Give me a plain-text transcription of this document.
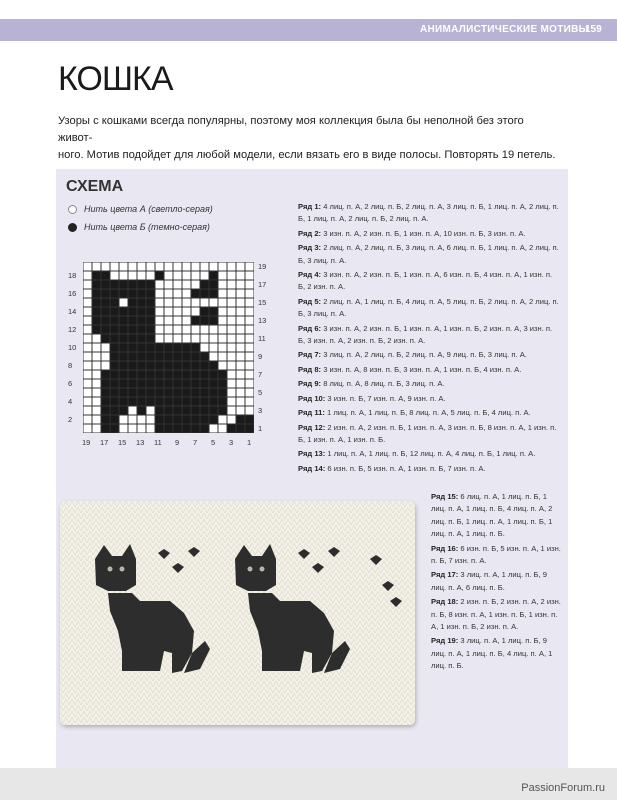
АНИМАЛИСТИЧЕСКИЕ МОТИВЫ
159
КОШКА
Узоры с кошками всегда популярны, поэтому моя коллекция была бы неполной без этого живот-
ного. Мотив подойдет для любой модели, если вязать его в виде полосы. Повторять 19 петель.
СХЕМА
Нить цвета А (светло-серая)
Нить цвета Б (темно-серая)
18
16
14
12
10
8
6
4
2
19
17
15
13
11
9
7
5
3
1
19 17 15 13 11 9 7 5 3 1
Ряд 1: 4 лиц. п. А, 2 лиц. п. Б, 2 лиц. п. А, 3 лиц. п. Б, 1 лиц. п. А, 2 лиц. п. Б, 1 лиц. п. А, 2 лиц. п. Б, 2 лиц. п. А.
Ряд 2: 3 изн. п. А, 2 изн. п. Б, 1 изн. п. А, 10 изн. п. Б, 3 изн. п. А.
Ряд 3: 2 лиц. п. А, 2 лиц. п. Б, 3 лиц. п. А, 6 лиц. п. Б, 1 лиц. п. А, 2 лиц. п. Б, 3 лиц. п. А.
Ряд 4: 3 изн. п. А, 2 изн. п. Б, 1 изн. п. А, 6 изн. п. Б, 4 изн. п. А, 1 изн. п. Б, 2 изн. п. А.
Ряд 5: 2 лиц. п. А, 1 лиц. п. Б, 4 лиц. п. А, 5 лиц. п. Б, 2 лиц. п. А, 2 лиц. п. Б, 3 лиц. п. А.
Ряд 6: 3 изн. п. А, 2 изн. п. Б, 1 изн. п. А, 1 изн. п. Б, 2 изн. п. А, 3 изн. п. Б, 3 изн. п. А, 2 изн. п. Б, 2 изн. п. А.
Ряд 7: 3 лиц. п. А, 2 лиц. п. Б, 2 лиц. п. А, 9 лиц. п. Б, 3 лиц. п. А.
Ряд 8: 3 изн. п. А, 8 изн. п. Б, 3 изн. п. А, 1 изн. п. Б, 4 изн. п. А.
Ряд 9: 8 лиц. п. А, 8 лиц. п. Б, 3 лиц. п. А.
Ряд 10: 3 изн. п. Б, 7 изн. п. А, 9 изн. п. А.
Ряд 11: 1 лиц. п. А, 1 лиц. п. Б, 8 лиц. п. А, 5 лиц. п. Б, 4 лиц. п. А.
Ряд 12: 2 изн. п. А, 2 изн. п. Б, 1 изн. п. А, 3 изн. п. Б, 8 изн. п. А, 1 изн. п. Б, 1 изн. п. А, 1 изн. п. Б.
Ряд 13: 1 лиц. п. А, 1 лиц. п. Б, 12 лиц. п. А, 4 лиц. п. Б, 1 лиц. п. А.
Ряд 14: 6 изн. п. Б, 5 изн. п. А, 1 изн. п. Б, 7 изн. п. А.
Ряд 15: 6 лиц. п. А, 1 лиц. п. Б, 1 лиц. п. А, 1 лиц. п. Б, 4 лиц. п. А, 2 лиц. п. Б, 1 лиц. п. А, 1 лиц. п. Б, 1 лиц. п. А, 1 лиц. п. Б.
Ряд 16: 6 изн. п. Б, 5 изн. п. А, 1 изн. п. Б, 7 изн. п. А.
Ряд 17: 3 лиц. п. А, 1 лиц. п. Б, 9 лиц. п. А, 6 лиц. п. Б.
Ряд 18: 2 изн. п. Б, 2 изн. п. А, 2 изн. п. Б, 8 изн. п. А, 1 изн. п. Б, 1 изн. п. А, 1 изн. п. Б, 2 изн. п. А.
Ряд 19: 3 лиц. п. А, 1 лиц. п. Б, 9 лиц. п. А, 1 лиц. п. Б, 4 лиц. п. А, 1 лиц. п. Б.
PassionForum.ru
